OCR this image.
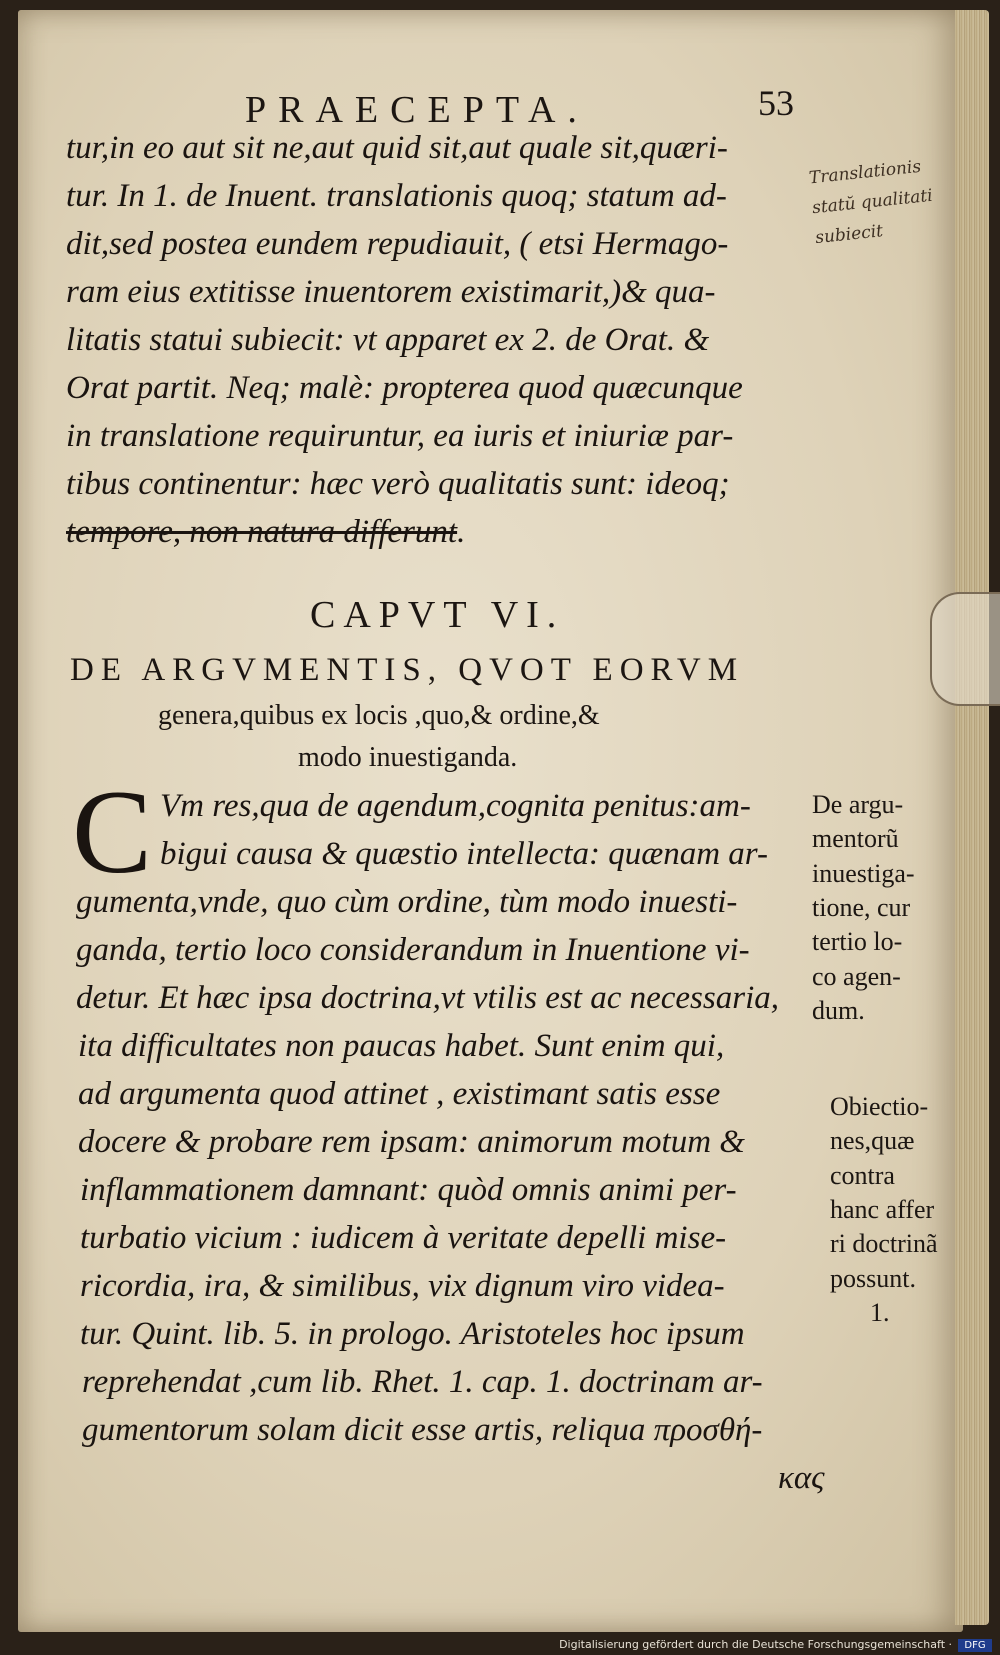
PRAECEPTA.	53
tur,in eo aut sit ne,aut quid sit,aut quale sit,quæri-
tur. In 1. de Inuent. translationis quoq; statum ad-
dit,sed postea eundem repudiauit, ( etsi Hermago-
ram eius extitisse inuentorem existimarit,)& qua-
litatis statui subiecit: vt apparet ex 2. de Orat. &
Orat partit. Neq; malè: propterea quod quæcunque
in translatione requiruntur, ea iuris et iniuriæ par-
tibus continentur: hæc verò qualitatis sunt: ideoq;
tempore, non natura differunt.
Translationis
statŭ qualitati
subiecit
CAPVT VI.
DE ARGVMENTIS, QVOT EORVM
genera,quibus ex locis ,quo,& ordine,&
modo inuestiganda.
C Vm res,qua de agendum,cognita penitus:am-
bigui causa & quæstio intellecta: quænam ar-
gumenta,vnde, quo cùm ordine, tùm modo inuesti-
ganda, tertio loco considerandum in Inuentione vi-
detur. Et hæc ipsa doctrina,vt vtilis est ac necessaria,
ita difficultates non paucas habet. Sunt enim qui,
ad argumenta quod attinet , existimant satis esse
docere & probare rem ipsam: animorum motum &
inflammationem damnant: quòd omnis animi per-
turbatio vicium : iudicem à veritate depelli mise-
ricordia, ira, & similibus, vix dignum viro videa-
tur. Quint. lib. 5. in prologo. Aristoteles hoc ipsum
reprehendat ,cum lib. Rhet. 1. cap. 1. doctrinam ar-
gumentorum solam dicit esse artis, reliqua προσθή-
κας
De argu-
mentorũ
inuestiga-
tione, cur
tertio lo-
co agen-
dum.
Obiectio-
nes,quæ
contra
hanc affer
ri doctrinã
possunt.
1.
Digitalisierung gefördert durch die Deutsche Forschungsgemeinschaft ·	DFG
